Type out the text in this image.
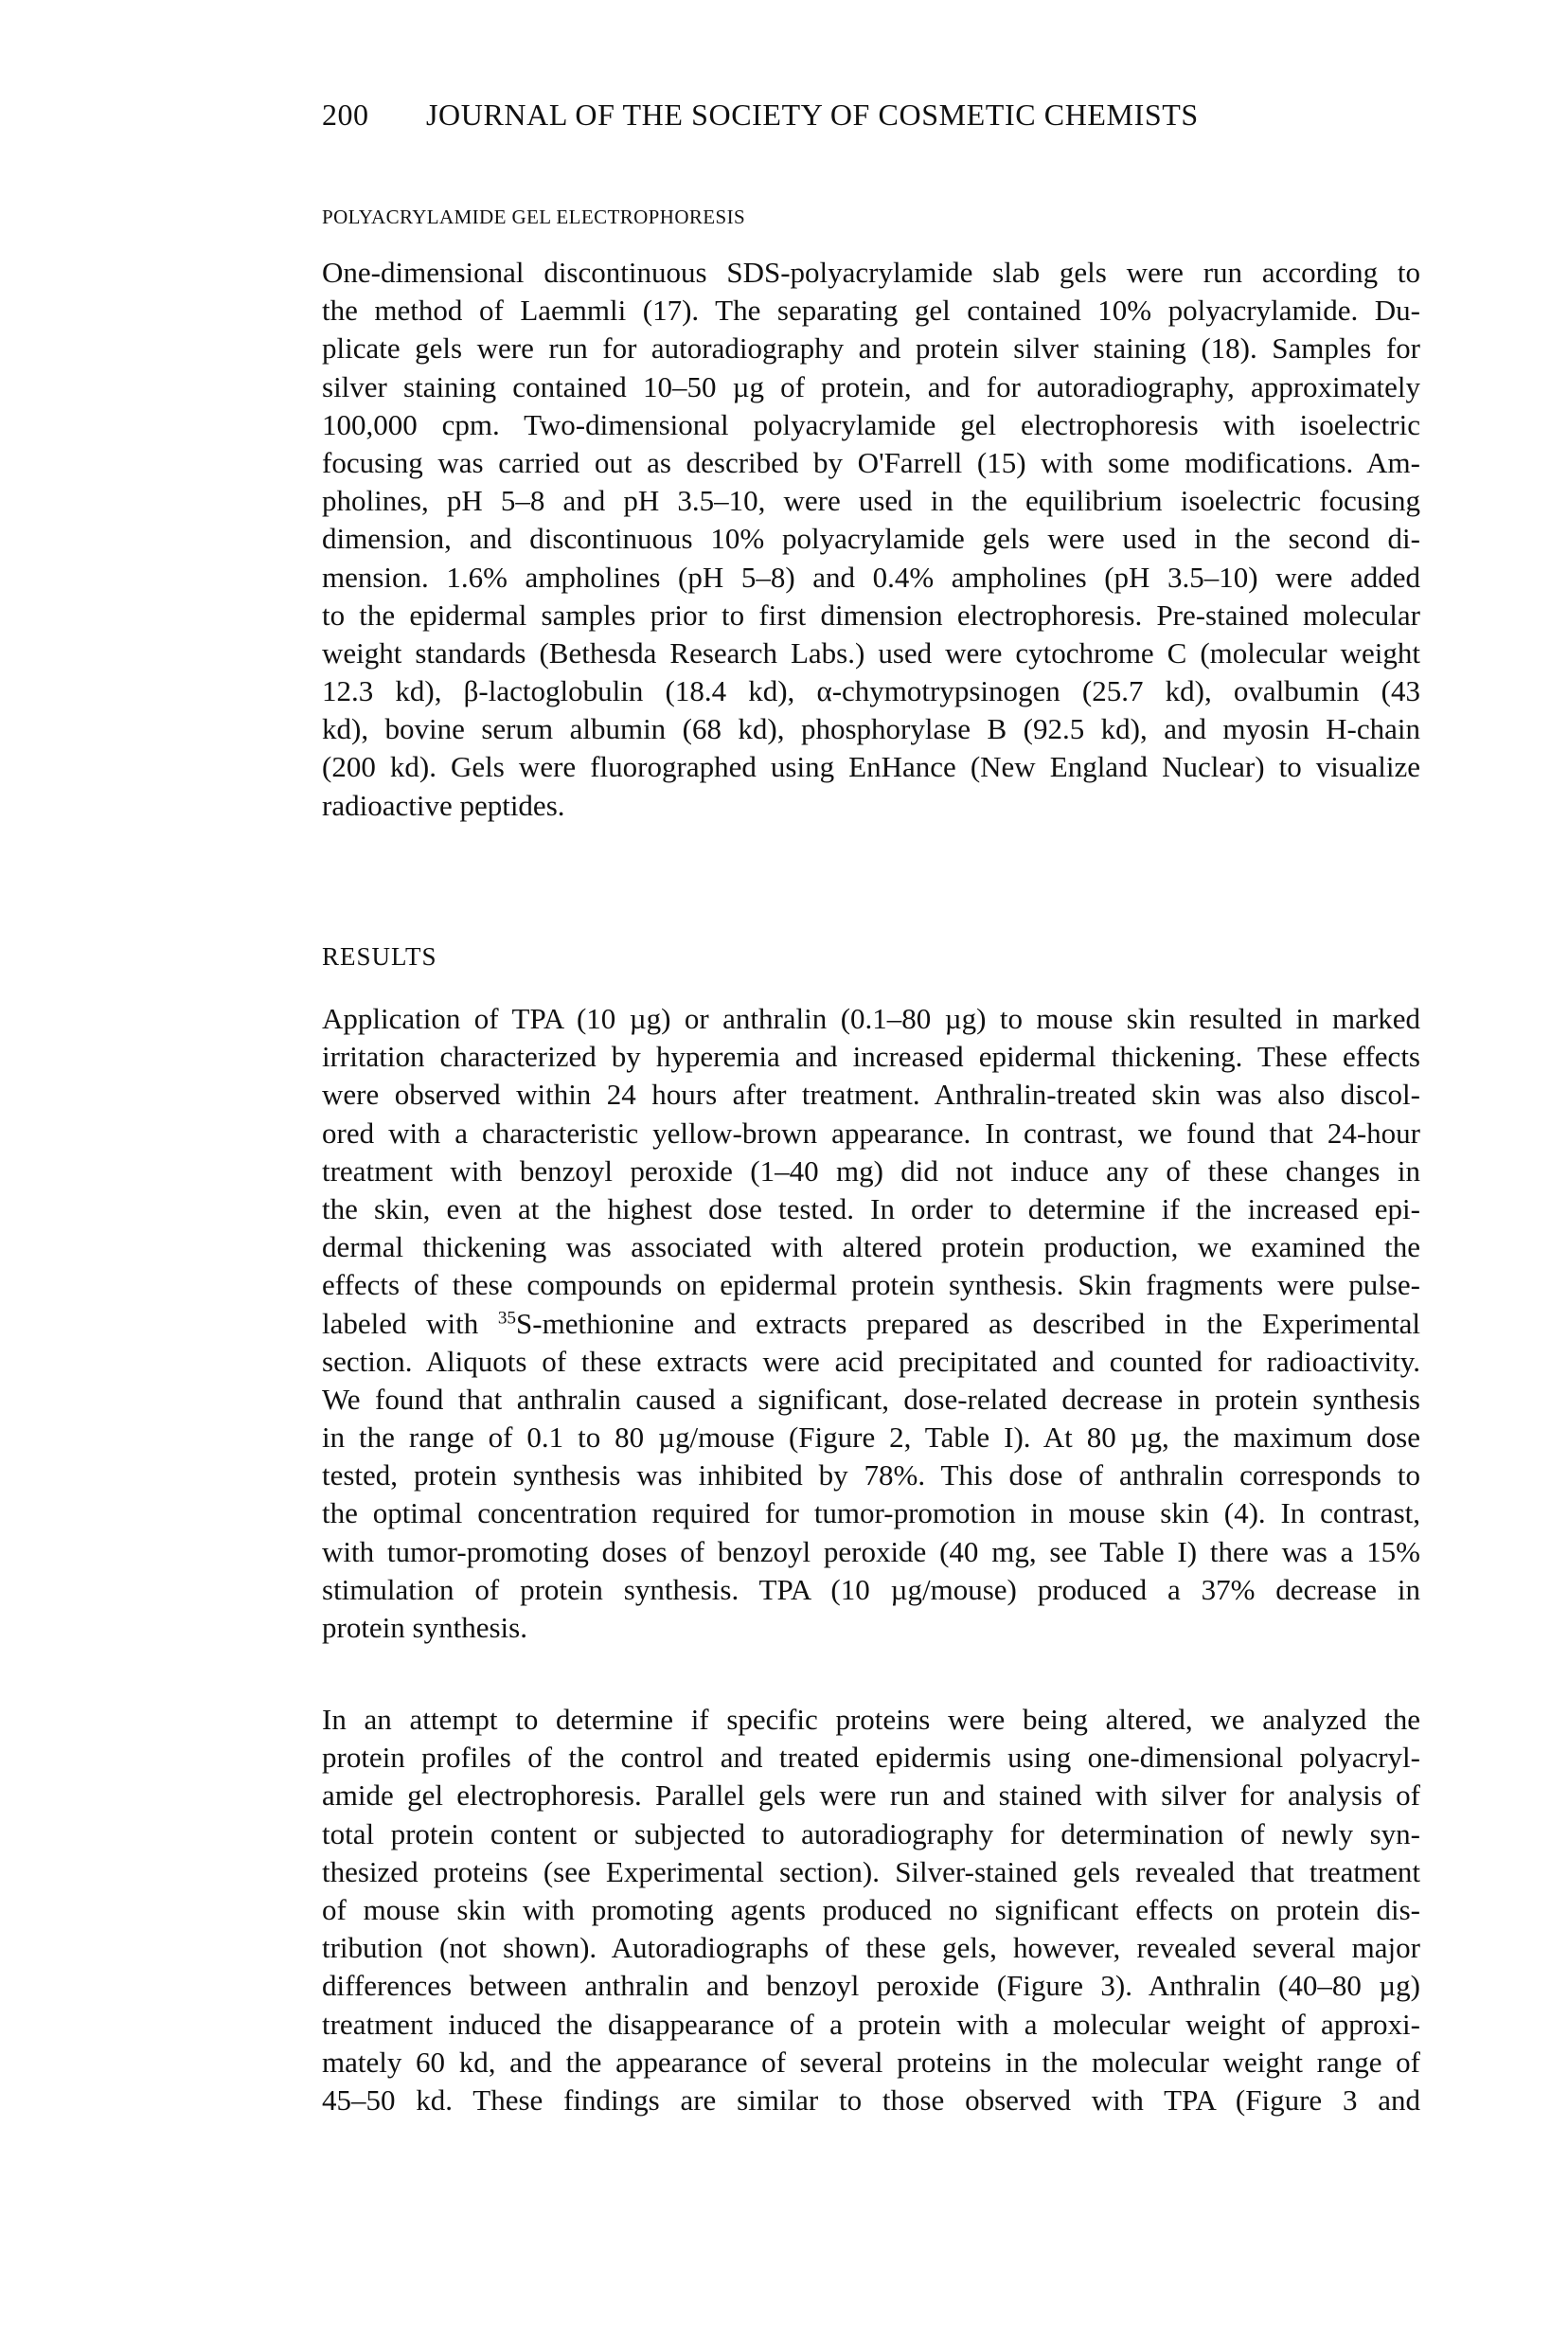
200 JOURNAL OF THE SOCIETY OF COSMETIC CHEMISTS
POLYACRYLAMIDE GEL ELECTROPHORESIS
One-dimensional discontinuous SDS-polyacrylamide slab gels were run according to
the method of Laemmli (17). The separating gel contained 10% polyacrylamide. Du-
plicate gels were run for autoradiography and protein silver staining (18). Samples for
silver staining contained 10–50 µg of protein, and for autoradiography, approximately
100,000 cpm. Two-dimensional polyacrylamide gel electrophoresis with isoelectric
focusing was carried out as described by O'Farrell (15) with some modifications. Am-
pholines, pH 5–8 and pH 3.5–10, were used in the equilibrium isoelectric focusing
dimension, and discontinuous 10% polyacrylamide gels were used in the second di-
mension. 1.6% ampholines (pH 5–8) and 0.4% ampholines (pH 3.5–10) were added
to the epidermal samples prior to first dimension electrophoresis. Pre-stained molecular
weight standards (Bethesda Research Labs.) used were cytochrome C (molecular weight
12.3 kd), β-lactoglobulin (18.4 kd), α-chymotrypsinogen (25.7 kd), ovalbumin (43
kd), bovine serum albumin (68 kd), phosphorylase B (92.5 kd), and myosin H-chain
(200 kd). Gels were fluorographed using EnHance (New England Nuclear) to visualize
radioactive peptides.
RESULTS
Application of TPA (10 µg) or anthralin (0.1–80 µg) to mouse skin resulted in marked
irritation characterized by hyperemia and increased epidermal thickening. These effects
were observed within 24 hours after treatment. Anthralin-treated skin was also discol-
ored with a characteristic yellow-brown appearance. In contrast, we found that 24-hour
treatment with benzoyl peroxide (1–40 mg) did not induce any of these changes in
the skin, even at the highest dose tested. In order to determine if the increased epi-
dermal thickening was associated with altered protein production, we examined the
effects of these compounds on epidermal protein synthesis. Skin fragments were pulse-
labeled with $^{35}$S-methionine and extracts prepared as described in the Experimental
section. Aliquots of these extracts were acid precipitated and counted for radioactivity.
We found that anthralin caused a significant, dose-related decrease in protein synthesis
in the range of 0.1 to 80 µg/mouse (Figure 2, Table I). At 80 µg, the maximum dose
tested, protein synthesis was inhibited by 78%. This dose of anthralin corresponds to
the optimal concentration required for tumor-promotion in mouse skin (4). In contrast,
with tumor-promoting doses of benzoyl peroxide (40 mg, see Table I) there was a 15%
stimulation of protein synthesis. TPA (10 µg/mouse) produced a 37% decrease in
protein synthesis.
In an attempt to determine if specific proteins were being altered, we analyzed the
protein profiles of the control and treated epidermis using one-dimensional polyacryl-
amide gel electrophoresis. Parallel gels were run and stained with silver for analysis of
total protein content or subjected to autoradiography for determination of newly syn-
thesized proteins (see Experimental section). Silver-stained gels revealed that treatment
of mouse skin with promoting agents produced no significant effects on protein dis-
tribution (not shown). Autoradiographs of these gels, however, revealed several major
differences between anthralin and benzoyl peroxide (Figure 3). Anthralin (40–80 µg)
treatment induced the disappearance of a protein with a molecular weight of approxi-
mately 60 kd, and the appearance of several proteins in the molecular weight range of
45–50 kd. These findings are similar to those observed with TPA (Figure 3 and
